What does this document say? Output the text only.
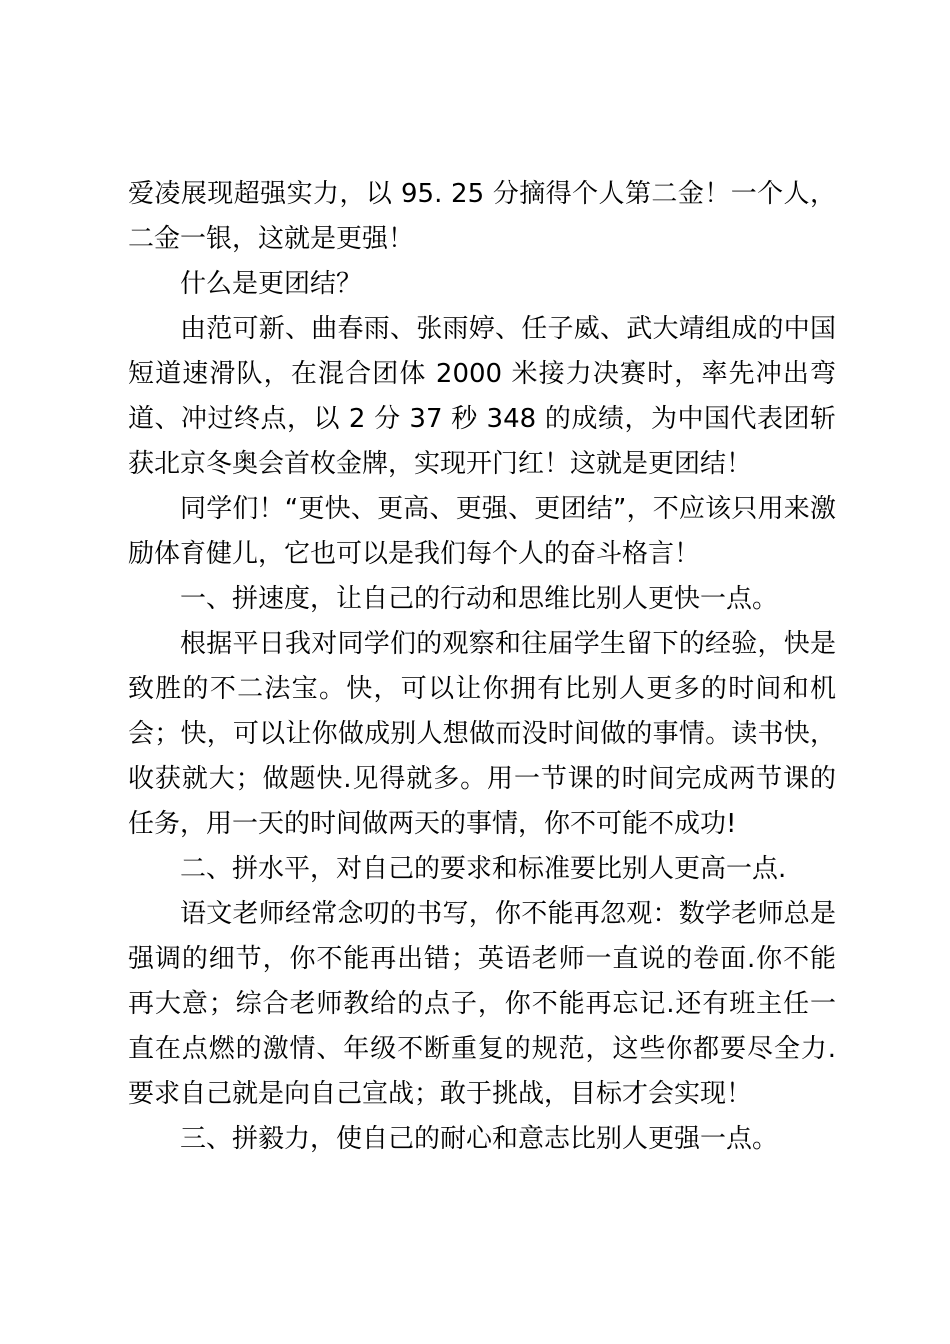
爱凌展现超强实力，以 95. 25 分摘得个人第二金！一个人，二金一银，这就是更强！

什么是更团结？

由范可新、曲春雨、张雨婷、任子威、武大靖组成的中国短道速滑队，在混合团体 2000 米接力决赛时，率先冲出弯道、冲过终点，以 2 分 37 秒 348 的成绩，为中国代表团斩获北京冬奥会首枚金牌，实现开门红！这就是更团结！

同学们！“更快、更高、更强、更团结”，不应该只用来激励体育健儿，它也可以是我们每个人的奋斗格言！

一、拼速度，让自己的行动和思维比别人更快一点。

根据平日我对同学们的观察和往届学生留下的经验，快是致胜的不二法宝。快，可以让你拥有比别人更多的时间和机会；快，可以让你做成别人想做而没时间做的事情。读书快，收获就大；做题快.见得就多。用一节课的时间完成两节课的任务，用一天的时间做两天的事情，你不可能不成功!

二、拼水平，对自己的要求和标准要比别人更高一点.

语文老师经常念叨的书写，你不能再忽观：数学老师总是强调的细节，你不能再出错；英语老师一直说的卷面.你不能再大意；综合老师教给的点子，你不能再忘记.还有班主任一直在点燃的激情、年级不断重复的规范，这些你都要尽全力.要求自己就是向自己宣战；敢于挑战，目标才会实现！

三、拼毅力，使自己的耐心和意志比别人更强一点。
